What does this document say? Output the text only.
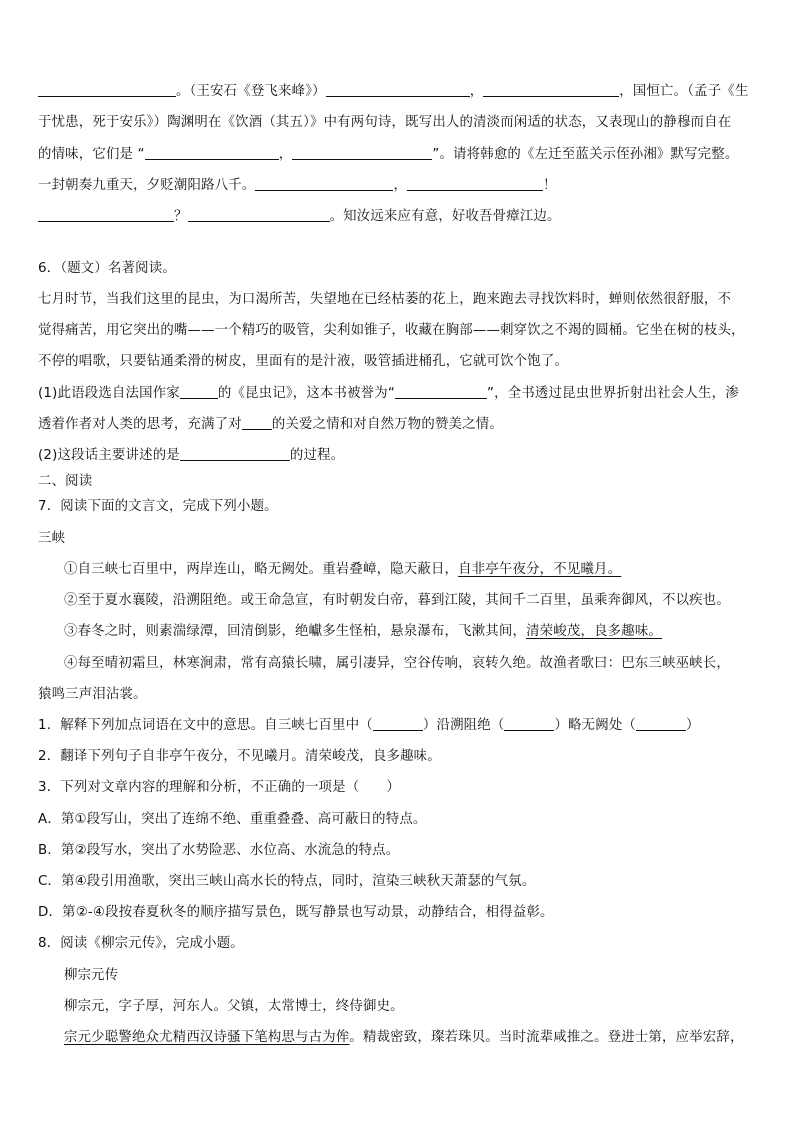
。（王安石《登飞来峰》）	，	，国恒亡。（孟子《生
于忧患，死于安乐》）陶渊明在《饮酒（其五）》中有两句诗，既写出人的清淡而闲适的状态，又表现山的静穆而自在
的情味，它们是 “	，	”。请将韩愈的《左迁至蓝关示侄孙湘》默写完整。
一封朝奏九重天，夕贬潮阳路八千。	，	！
？	。知汝远来应有意，好收吾骨瘴江边。
6．（题文）名著阅读。
七月时节，当我们这里的昆虫，为口渴所苦，失望地在已经枯萎的花上，跑来跑去寻找饮料时，蝉则依然很舒服，不
觉得痛苦，用它突出的嘴——一个精巧的吸管，尖利如锥子，收藏在胸部——刺穿饮之不竭的圆桶。它坐在树的枝头，
不停的唱歌，只要钻通柔滑的树皮，里面有的是汁液，吸管插进桶孔，它就可饮个饱了。
(1)此语段选自法国作家	的《昆虫记》，这本书被誉为“	”，全书透过昆虫世界折射出社会人生，渗
透着作者对人类的思考，充满了对 的关爱之情和对自然万物的赞美之情。
(2)这段话主要讲述的是	的过程。
二、阅读
7．阅读下面的文言文，完成下列小题。
三峡
①自三峡七百里中，两岸连山，略无阙处。重岩叠嶂，隐天蔽日，自非亭午夜分，不见曦月。
②至于夏水襄陵，沿溯阻绝。或王命急宣，有时朝发白帝，暮到江陵，其间千二百里，虽乘奔御风，不以疾也。
③春冬之时，则素湍绿潭，回清倒影，绝巘多生怪柏，悬泉瀑布，飞漱其间，清荣峻茂，良多趣味。
④每至晴初霜旦，林寒涧肃，常有高猿长啸，属引凄异，空谷传响，哀转久绝。故渔者歌曰：巴东三峡巫峡长，
猿鸣三声泪沾裳。
1．解释下列加点词语在文中的意思。自三峡七百里中（	）沿溯阻绝（	）略无阙处（	）
2．翻译下列句子自非亭午夜分，不见曦月。清荣峻茂，良多趣味。
3．下列对文章内容的理解和分析，不正确的一项是（　　）
A．第①段写山，突出了连绵不绝、重重叠叠、高可蔽日的特点。
B．第②段写水，突出了水势险恶、水位高、水流急的特点。
C．第④段引用渔歌，突出三峡山高水长的特点，同时，渲染三峡秋天萧瑟的气氛。
D．第②-④段按春夏秋冬的顺序描写景色，既写静景也写动景，动静结合，相得益彰。
8．阅读《柳宗元传》，完成小题。
柳宗元传
柳宗元，字子厚，河东人。父镇，太常博士，终侍御史。
宗元少聪警绝众尤精西汉诗骚下笔构思与古为侔。精裁密致，璨若珠贝。当时流辈咸推之。登进士第，应举宏辞，
